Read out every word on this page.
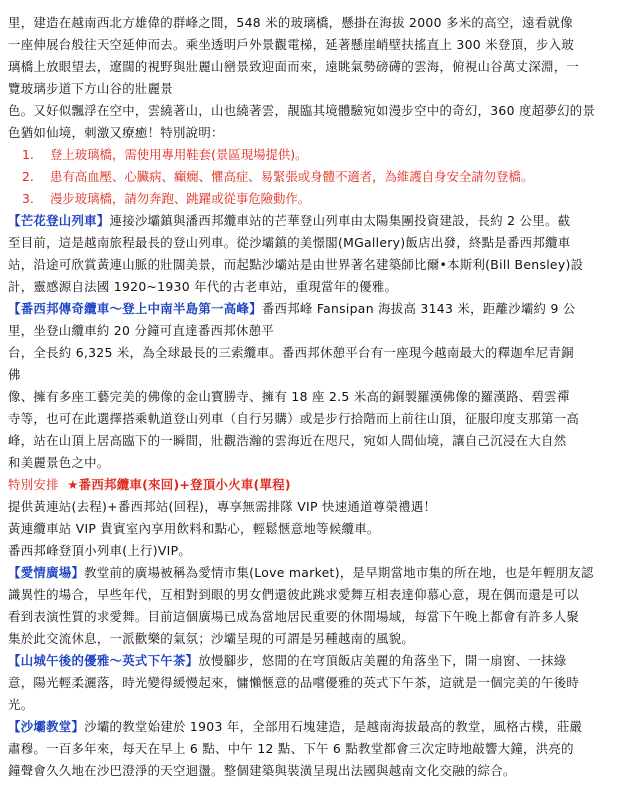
里，建造在越南西北方雄偉的群峰之間，548 米的玻璃橋，懸掛在海拔 2000 多米的高空，遠看就像

一座伸展台般往天空延伸而去。乘坐透明戶外景觀電梯，延著懸崖峭壁扶搖直上 300 米登頂，步入玻

璃橋上放眼望去，遼闊的視野與壯麗山巒景致迎面而來，遠眺氣勢磅礡的雲海，俯視山谷萬丈深淵，一

覽玻璃步道下方山谷的壯麗景

色。又好似飄浮在空中，雲繞著山，山也繞著雲，靚臨其境體驗宛如漫步空中的奇幻，360 度超夢幻的景

色猶如仙境，刺激又療癒！特別說明：

1. 登上玻璃橋，需使用專用鞋套(景區現場提供)。
2. 患有高血壓、心臟病、癲癇、懼高症、易緊張或身體不適者，為維護自身安全請勿登橋。
3. 漫步玻璃橋，請勿奔跑、跳躍或從事危險動作。

【芒花登山列車】連接沙壩鎮與潘西邦纜車站的芒華登山列車由太陽集團投資建設，長約 2 公里。截

至目前，這是越南旅程最長的登山列車。從沙壩鎮的美憬閣(MGallery)飯店出發，終點是番西邦纜車

站，沿途可欣賞黃連山脈的壯闊美景，而起點沙壩站是由世界著名建築師比爾•本斯利(Bill Bensley)設

計，靈感源自法國 1920~1930 年代的古老車站，重現當年的優雅。

【番西邦傳奇纜車～登上中南半島第一高峰】番西邦峰 Fansipan 海拔高 3143 米，距離沙壩約 9 公

里，坐登山纜車約 20 分鐘可直達番西邦休憩平

台，全長約 6,325 米，為全球最長的三索纜車。番西邦休憩平台有一座現今越南最大的釋迦牟尼青銅

佛

像、擁有多座工藝完美的佛像的金山寶勝寺、擁有 18 座 2.5 米高的銅製羅漢佛像的羅漢路、碧雲禪

寺等，也可在此選擇搭乘軌道登山列車（自行另購）或是步行拾階而上前往山頂，征服印度支那第一高

峰，站在山頂上居高臨下的一瞬間，壯觀浩瀚的雲海近在咫尺，宛如人間仙境，讓自己沉浸在大自然

和美麗景色之中。

特別安排 ★番西邦纜車(來回)+登頂小火車(單程)

提供黃連站(去程)+番西邦站(回程)，專享無需排隊 VIP 快速通道尊榮禮遇！

黃連纜車站 VIP 貴賓室內享用飲料和點心，輕鬆愜意地等候纜車。

番西邦峰登頂小列車(上行)VIP。

【愛情廣場】教堂前的廣場被稱為愛情市集(Love market)，是早期當地市集的所在地，也是年輕朋友認

識異性的場合，早些年代，互相對到眼的男女們還彼此跳求愛舞互相表達仰慕心意，現在偶而還是可以

看到表演性質的求愛舞。目前這個廣場已成為當地居民重要的休閒場域，每當下午晚上都會有許多人聚

集於此交流休息，一派歡樂的氣氛；沙壩呈現的可謂是另種越南的風貌。

【山城午後的優雅～英式下午茶】放慢腳步，悠閒的在穹頂飯店美麗的角落坐下，開一扇窗、一抹綠

意，陽光輕柔灑落，時光變得緩慢起來，慵懶愜意的品嚐優雅的英式下午茶，這就是一個完美的午後時

光。

【沙壩教堂】沙壩的教堂始建於 1903 年，全部用石塊建造，是越南海拔最高的教堂，風格古樸，莊嚴

肅穆。一百多年來，每天在早上 6 點、中午 12 點、下午 6 點教堂都會三次定時地敲響大鐘，洪亮的

鐘聲會久久地在沙巴澄淨的天空迴盪。整個建築與裝潢呈現出法國與越南文化交融的綜合。
